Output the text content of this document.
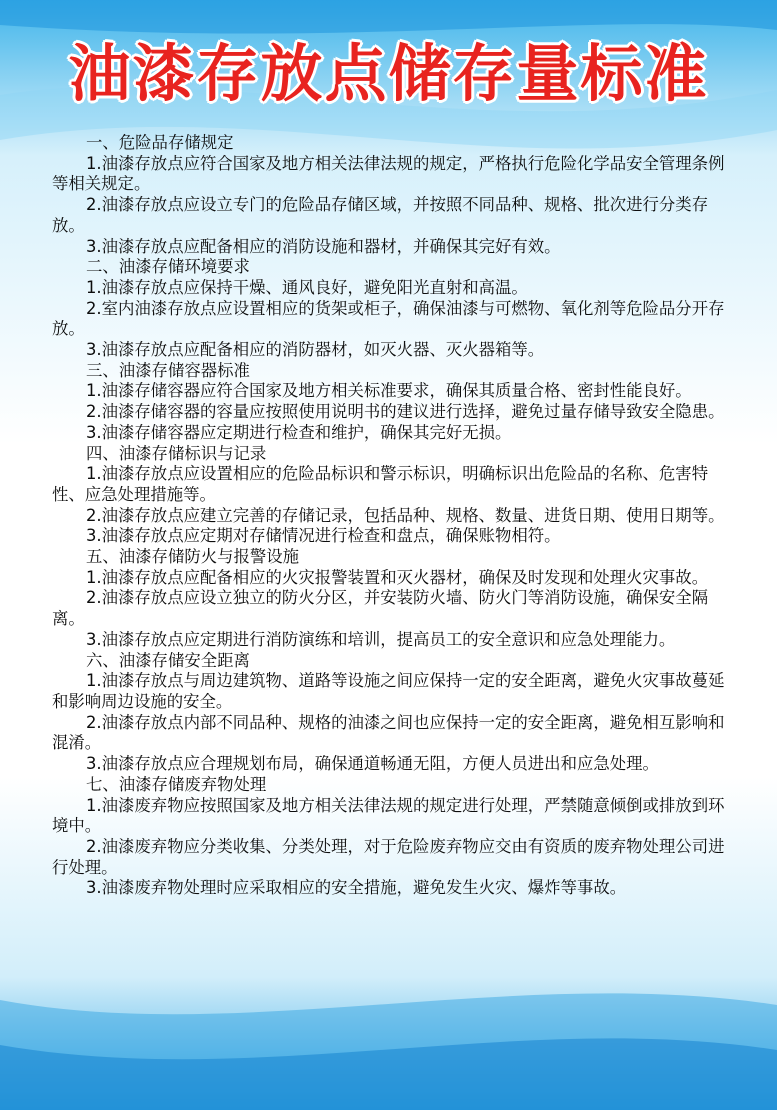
油漆存放点储存量标准
一、危险品存储规定
1.油漆存放点应符合国家及地方相关法律法规的规定，严格执行危险化学品安全管理条例等相关规定。
2.油漆存放点应设立专门的危险品存储区域，并按照不同品种、规格、批次进行分类存放。
3.油漆存放点应配备相应的消防设施和器材，并确保其完好有效。
二、油漆存储环境要求
1.油漆存放点应保持干燥、通风良好，避免阳光直射和高温。
2.室内油漆存放点应设置相应的货架或柜子，确保油漆与可燃物、氧化剂等危险品分开存放。
3.油漆存放点应配备相应的消防器材，如灭火器、灭火器箱等。
三、油漆存储容器标准
1.油漆存储容器应符合国家及地方相关标准要求，确保其质量合格、密封性能良好。
2.油漆存储容器的容量应按照使用说明书的建议进行选择，避免过量存储导致安全隐患。
3.油漆存储容器应定期进行检查和维护，确保其完好无损。
四、油漆存储标识与记录
1.油漆存放点应设置相应的危险品标识和警示标识，明确标识出危险品的名称、危害特性、应急处理措施等。
2.油漆存放点应建立完善的存储记录，包括品种、规格、数量、进货日期、使用日期等。
3.油漆存放点应定期对存储情况进行检查和盘点，确保账物相符。
五、油漆存储防火与报警设施
1.油漆存放点应配备相应的火灾报警装置和灭火器材，确保及时发现和处理火灾事故。
2.油漆存放点应设立独立的防火分区，并安装防火墙、防火门等消防设施，确保安全隔离。
3.油漆存放点应定期进行消防演练和培训，提高员工的安全意识和应急处理能力。
六、油漆存储安全距离
1.油漆存放点与周边建筑物、道路等设施之间应保持一定的安全距离，避免火灾事故蔓延和影响周边设施的安全。
2.油漆存放点内部不同品种、规格的油漆之间也应保持一定的安全距离，避免相互影响和混淆。
3.油漆存放点应合理规划布局，确保通道畅通无阻，方便人员进出和应急处理。
七、油漆存储废弃物处理
1.油漆废弃物应按照国家及地方相关法律法规的规定进行处理，严禁随意倾倒或排放到环境中。
2.油漆废弃物应分类收集、分类处理，对于危险废弃物应交由有资质的废弃物处理公司进行处理。
3.油漆废弃物处理时应采取相应的安全措施，避免发生火灾、爆炸等事故。
